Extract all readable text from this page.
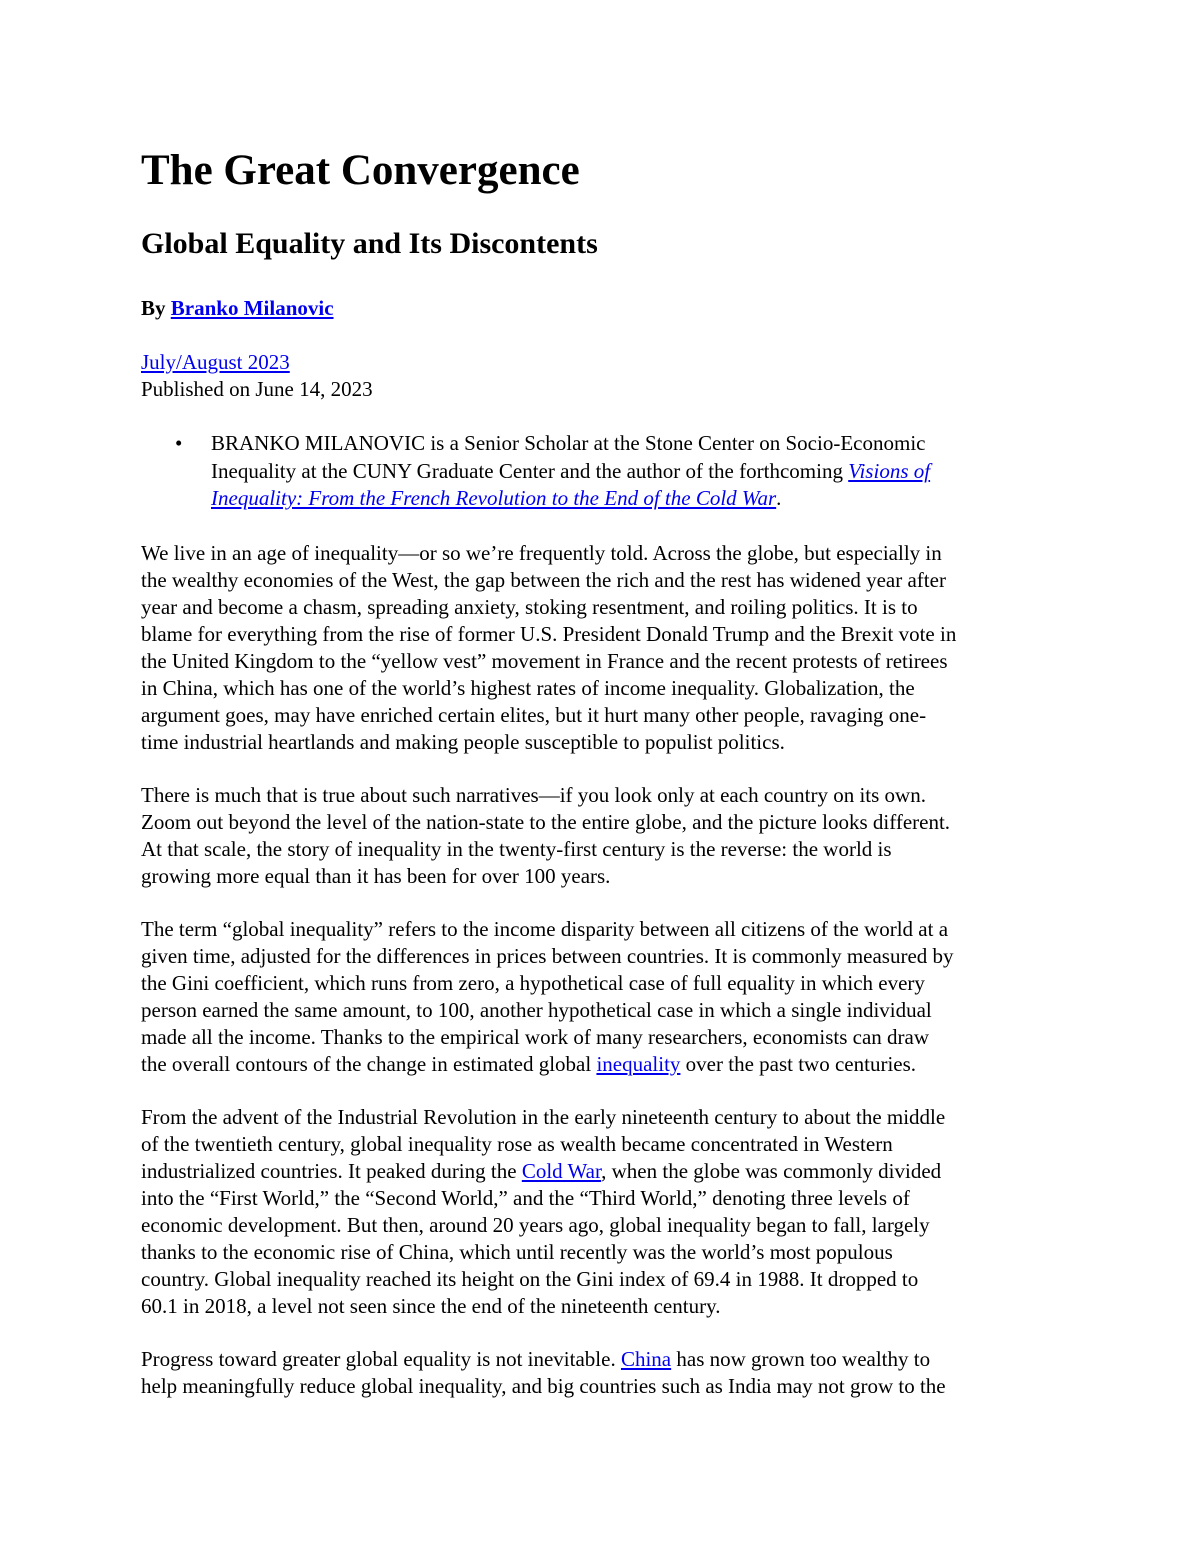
The Great Convergence
Global Equality and Its Discontents

By Branko Milanovic

July/August 2023
Published on June 14, 2023
• BRANKO MILANOVIC is a Senior Scholar at the Stone Center on Socio-Economic
Inequality at the CUNY Graduate Center and the author of the forthcoming Visions of
Inequality: From the French Revolution to the End of the Cold War.

We live in an age of inequality—or so we’re frequently told. Across the globe, but especially in
the wealthy economies of the West, the gap between the rich and the rest has widened year after
year and become a chasm, spreading anxiety, stoking resentment, and roiling politics. It is to
blame for everything from the rise of former U.S. President Donald Trump and the Brexit vote in
the United Kingdom to the “yellow vest” movement in France and the recent protests of retirees
in China, which has one of the world’s highest rates of income inequality. Globalization, the
argument goes, may have enriched certain elites, but it hurt many other people, ravaging one-
time industrial heartlands and making people susceptible to populist politics.

There is much that is true about such narratives—if you look only at each country on its own.
Zoom out beyond the level of the nation-state to the entire globe, and the picture looks different.
At that scale, the story of inequality in the twenty-first century is the reverse: the world is
growing more equal than it has been for over 100 years.

The term “global inequality” refers to the income disparity between all citizens of the world at a
given time, adjusted for the differences in prices between countries. It is commonly measured by
the Gini coefficient, which runs from zero, a hypothetical case of full equality in which every
person earned the same amount, to 100, another hypothetical case in which a single individual
made all the income. Thanks to the empirical work of many researchers, economists can draw
the overall contours of the change in estimated global inequality over the past two centuries.

From the advent of the Industrial Revolution in the early nineteenth century to about the middle
of the twentieth century, global inequality rose as wealth became concentrated in Western
industrialized countries. It peaked during the Cold War, when the globe was commonly divided
into the “First World,” the “Second World,” and the “Third World,” denoting three levels of
economic development. But then, around 20 years ago, global inequality began to fall, largely
thanks to the economic rise of China, which until recently was the world’s most populous
country. Global inequality reached its height on the Gini index of 69.4 in 1988. It dropped to
60.1 in 2018, a level not seen since the end of the nineteenth century.

Progress toward greater global equality is not inevitable. China has now grown too wealthy to
help meaningfully reduce global inequality, and big countries such as India may not grow to the
